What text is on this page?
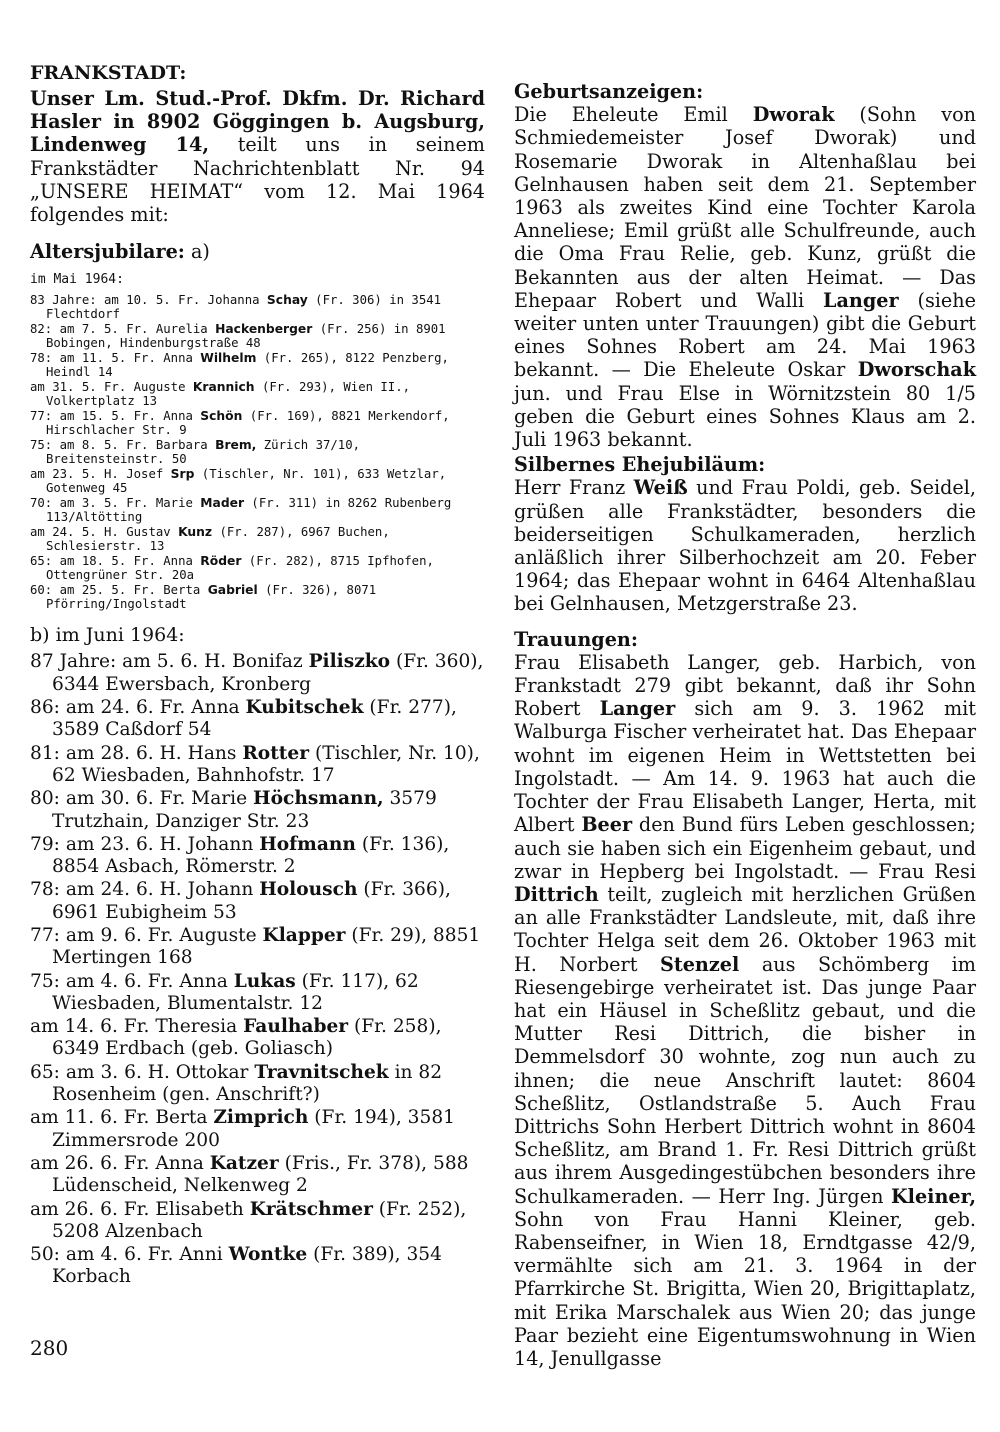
FRANKSTADT:

Unser Lm. Stud.-Prof. Dkfm. Dr. Richard Hasler in 8902 Göggingen b. Augsburg, Lindenweg 14, teilt uns in seinem Frankstädter Nachrichtenblatt Nr. 94 „UNSERE HEIMAT“ vom 12. Mai 1964 folgendes mit:

Altersjubilare: a)
im Mai 1964:
83 Jahre: am 10. 5. Fr. Johanna Schay (Fr. 306) in 3541 Flechtdorf
82: am 7. 5. Fr. Aurelia Hackenberger (Fr. 256) in 8901 Bobingen, Hindenburgstraße 48
78: am 11. 5. Fr. Anna Wilhelm (Fr. 265), 8122 Penzberg, Heindl 14
am 31. 5. Fr. Auguste Krannich (Fr. 293), Wien II., Volkertplatz 13
77: am 15. 5. Fr. Anna Schön (Fr. 169), 8821 Merkendorf, Hirschlacher Str. 9
75: am 8. 5. Fr. Barbara Brem, Zürich 37/10, Breitensteinstr. 50
am 23. 5. H. Josef Srp (Tischler, Nr. 101), 633 Wetzlar, Gotenweg 45
70: am 3. 5. Fr. Marie Mader (Fr. 311) in 8262 Rubenberg 113/Altötting
am 24. 5. H. Gustav Kunz (Fr. 287), 6967 Buchen, Schlesierstr. 13
65: am 18. 5. Fr. Anna Röder (Fr. 282), 8715 Ipfhofen, Ottengrüner Str. 20a
60: am 25. 5. Fr. Berta Gabriel (Fr. 326), 8071 Pförring/Ingolstadt
b) im Juni 1964:
87 Jahre: am 5. 6. H. Bonifaz Piliszko (Fr. 360), 6344 Ewersbach, Kronberg
86: am 24. 6. Fr. Anna Kubitschek (Fr. 277), 3589 Caßdorf 54
81: am 28. 6. H. Hans Rotter (Tischler, Nr. 10), 62 Wiesbaden, Bahnhofstr. 17
80: am 30. 6. Fr. Marie Höchsmann, 3579 Trutzhain, Danziger Str. 23
79: am 23. 6. H. Johann Hofmann (Fr. 136), 8854 Asbach, Römerstr. 2
78: am 24. 6. H. Johann Holousch (Fr. 366), 6961 Eubigheim 53
77: am 9. 6. Fr. Auguste Klapper (Fr. 29), 8851 Mertingen 168
75: am 4. 6. Fr. Anna Lukas (Fr. 117), 62 Wiesbaden, Blumentalstr. 12
am 14. 6. Fr. Theresia Faulhaber (Fr. 258), 6349 Erdbach (geb. Goliasch)
65: am 3. 6. H. Ottokar Travnitschek in 82 Rosenheim (gen. Anschrift?)
am 11. 6. Fr. Berta Zimprich (Fr. 194), 3581 Zimmersrode 200
am 26. 6. Fr. Anna Katzer (Fris., Fr. 378), 588 Lüdenscheid, Nelkenweg 2
am 26. 6. Fr. Elisabeth Krätschmer (Fr. 252), 5208 Alzenbach
50: am 4. 6. Fr. Anni Wontke (Fr. 389), 354 Korbach
Geburtsanzeigen:

Die Eheleute Emil Dworak (Sohn von Schmiedemeister Josef Dworak) und Rosemarie Dworak in Altenhaßlau bei Gelnhausen haben seit dem 21. September 1963 als zweites Kind eine Tochter Karola Anneliese; Emil grüßt alle Schulfreunde, auch die Oma Frau Relie, geb. Kunz, grüßt die Bekannten aus der alten Heimat. — Das Ehepaar Robert und Walli Langer (siehe weiter unten unter Trauungen) gibt die Geburt eines Sohnes Robert am 24. Mai 1963 bekannt. — Die Eheleute Oskar Dworschak jun. und Frau Else in Wörnitzstein 80 1/5 geben die Geburt eines Sohnes Klaus am 2. Juli 1963 bekannt.

Silbernes Ehejubiläum:

Herr Franz Weiß und Frau Poldi, geb. Seidel, grüßen alle Frankstädter, besonders die beiderseitigen Schulkameraden, herzlich anläßlich ihrer Silberhochzeit am 20. Feber 1964; das Ehepaar wohnt in 6464 Altenhaßlau bei Gelnhausen, Metzgerstraße 23.

Trauungen:

Frau Elisabeth Langer, geb. Harbich, von Frankstadt 279 gibt bekannt, daß ihr Sohn Robert Langer sich am 9. 3. 1962 mit Walburga Fischer verheiratet hat. Das Ehepaar wohnt im eigenen Heim in Wettstetten bei Ingolstadt. — Am 14. 9. 1963 hat auch die Tochter der Frau Elisabeth Langer, Herta, mit Albert Beer den Bund fürs Leben geschlossen; auch sie haben sich ein Eigenheim gebaut, und zwar in Hepberg bei Ingolstadt. — Frau Resi Dittrich teilt, zugleich mit herzlichen Grüßen an alle Frankstädter Landsleute, mit, daß ihre Tochter Helga seit dem 26. Oktober 1963 mit H. Norbert Stenzel aus Schömberg im Riesengebirge verheiratet ist. Das junge Paar hat ein Häusel in Scheßlitz gebaut, und die Mutter Resi Dittrich, die bisher in Demmelsdorf 30 wohnte, zog nun auch zu ihnen; die neue Anschrift lautet: 8604 Scheßlitz, Ostlandstraße 5. Auch Frau Dittrichs Sohn Herbert Dittrich wohnt in 8604 Scheßlitz, am Brand 1. Fr. Resi Dittrich grüßt aus ihrem Ausgedingestübchen besonders ihre Schulkameraden. — Herr Ing. Jürgen Kleiner, Sohn von Frau Hanni Kleiner, geb. Rabenseifner, in Wien 18, Erndtgasse 42/9, vermählte sich am 21. 3. 1964 in der Pfarrkirche St. Brigitta, Wien 20, Brigittaplatz, mit Erika Marschalek aus Wien 20; das junge Paar bezieht eine Eigentumswohnung in Wien 14, Jenullgasse

280
